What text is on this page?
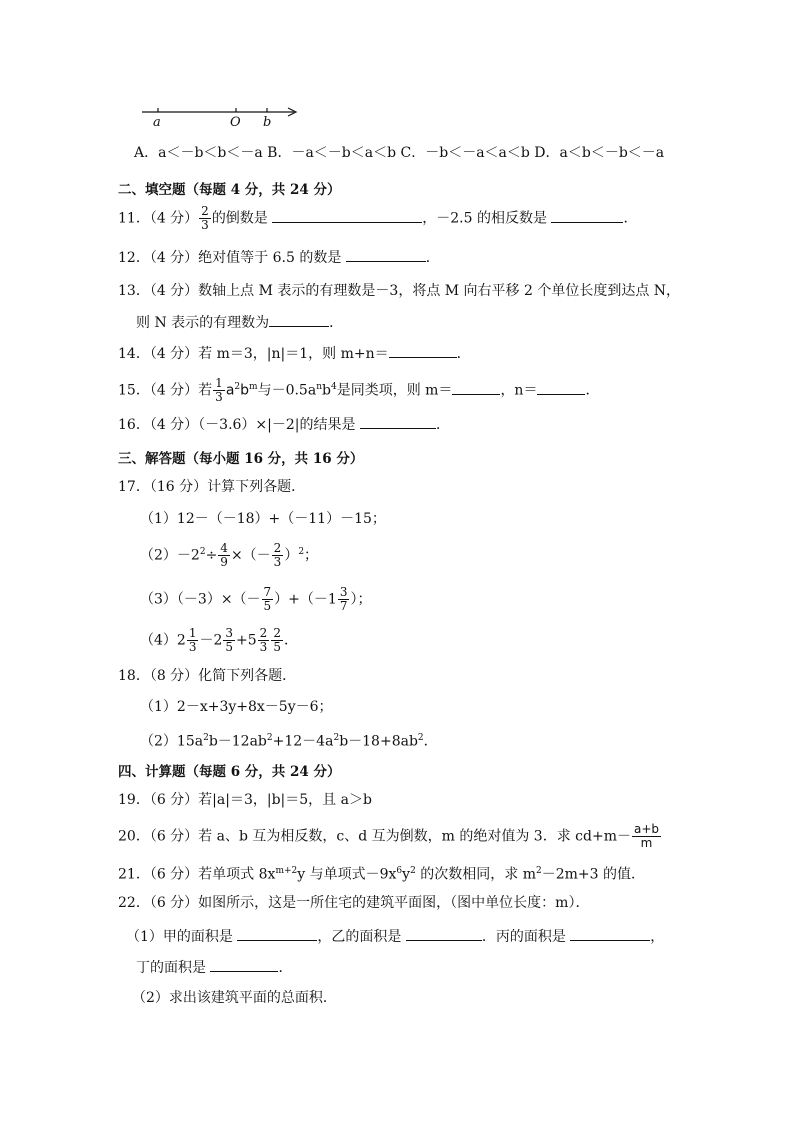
a	O b
A．a＜－b＜b＜－a B．－a＜－b＜a＜b C．－b＜－a＜a＜b D．a＜b＜－b＜－a
二、填空题（每题 4 分，共 24 分）
11．（4 分） $\frac{2}{3}$ 的倒数是	，－2.5 的相反数是	．
12．（4 分）绝对值等于 6.5 的数是	．
13．（4 分）数轴上点 M 表示的有理数是－3，将点 M 向右平移 2 个单位长度到达点 N，
则 N 表示的有理数为	．
14．（4 分）若 m＝3，|n|＝1，则 m+n＝	．
15．（4 分）若 $\frac{1}{3} a^2b^m$与$-0.5a^nb^4$是同类项，则 m＝	，n＝	．
16．（4 分）（－3.6）×|－2|的结果是	．
三、解答题（每小题 16 分，共 16 分）
17．（16 分）计算下列各题．
（1）12－（－18）+（－11）－15；
$(2)-2^2\div \frac{4}{9}$ ×（－ $\frac{2}{3} )^2$；
$(3)(-3)\times(- \frac{7}{5} )+(-1 \frac{3}{7}$ ）；
$(4)2 \frac{1}{3} -2 \frac{3}{5} +5 \frac{2}{3} \frac{2}{5}$ ．
18．（8 分）化简下列各题．
（1）2－x+3y+8x－5y－6；
$(2)15a^2b-12ab^2+12-4a^2b-18+8ab^2$．
四、计算题（每题 6 分，共 24 分）
19．（6 分）若|a|＝3，|b|＝5，且 a＞b
20．（6 分）若 a、b 互为相反数，c、d 互为倒数，m 的绝对值为 3．求 $cd+m- \frac{a+b}{m}$
21．（6 分）若单项式 $8x^{m+2}y$ 与单项式$-9x^6y^2$ 的次数相同，求 $m^2-2m+3$ 的值．
22．（6 分）如图所示，这是一所住宅的建筑平面图，（图中单位长度：m）．
（1）甲的面积是	，乙的面积是	．丙的面积是	，
丁的面积是	．
（2）求出该建筑平面的总面积．
